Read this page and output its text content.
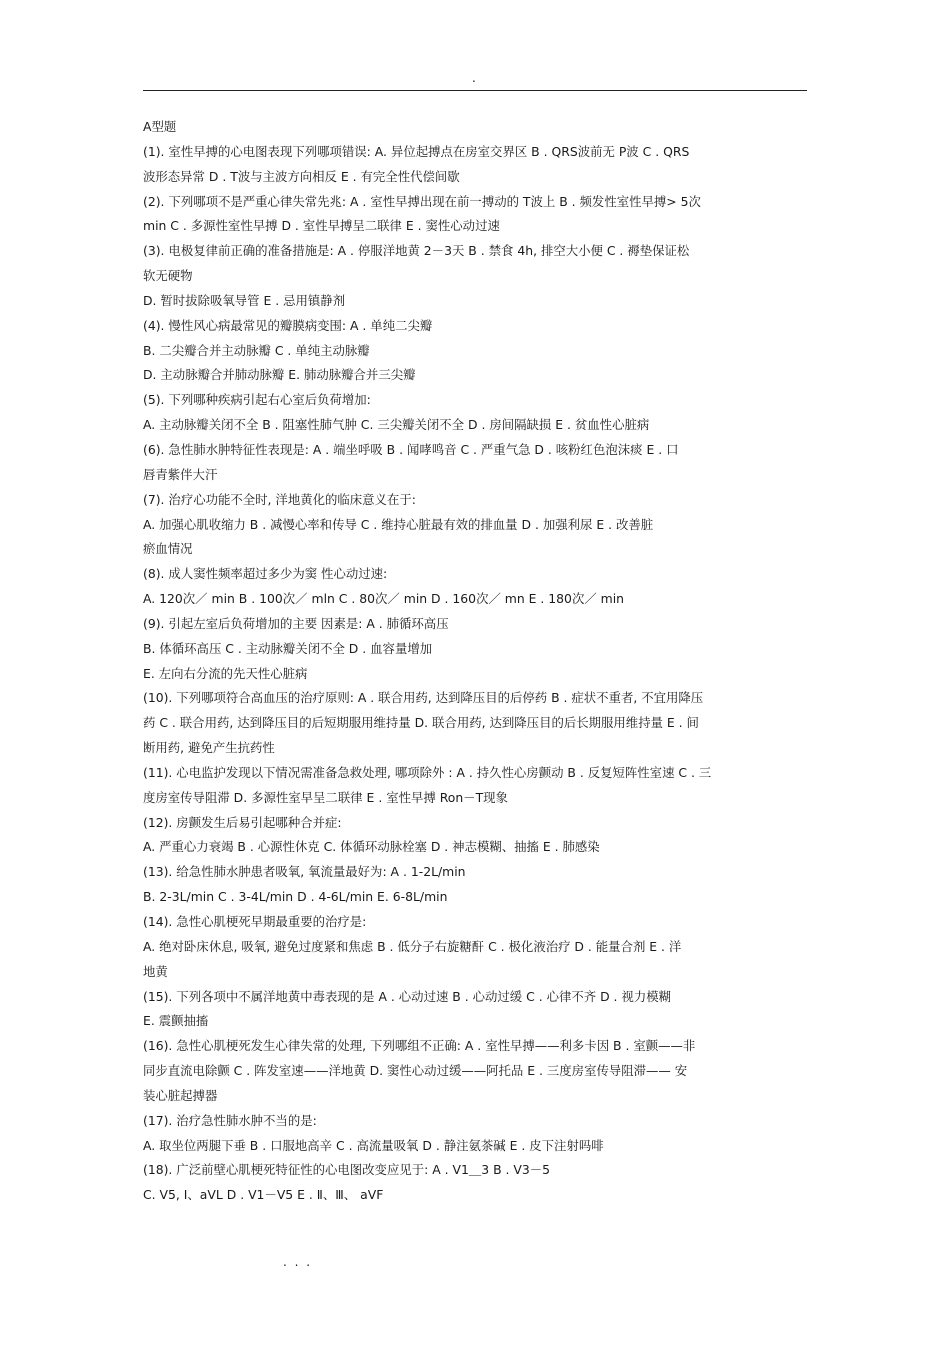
.
A型题
(1). 室性早搏的心电图表现下列哪项错误: A. 异位起搏点在房室交界区 B . QRS波前无 P波 C . QRS
波形态异常 D . T波与主波方向相反 E . 有完全性代偿间歇
(2). 下列哪项不是严重心律失常先兆: A . 室性早搏出现在前一搏动的 T波上 B . 频发性室性早搏> 5次
min C . 多源性室性早搏 D . 室性早搏呈二联律 E . 窦性心动过速
(3). 电极复律前正确的准备措施是: A . 停服洋地黄 2－3天 B . 禁食 4h, 排空大小便 C . 褥垫保证松
软无硬物
D. 暂时拔除吸氧导管 E . 忌用镇静剂
(4). 慢性风心病最常见的瓣膜病变围: A . 单纯二尖瓣
B. 二尖瓣合并主动脉瓣 C . 单纯主动脉瓣
D. 主动脉瓣合并肺动脉瓣 E. 肺动脉瓣合并三尖瓣
(5). 下列哪种疾病引起右心室后负荷增加:
A. 主动脉瓣关闭不全 B . 阻塞性肺气肿 C. 三尖瓣关闭不全 D . 房间隔缺损 E . 贫血性心脏病
(6). 急性肺水肿特征性表现是: A . 端坐呼吸 B . 闻哮鸣音 C . 严重气急 D . 咳粉红色泡沫痰 E . 口
唇青紫伴大汗
(7). 治疗心功能不全时, 洋地黄化的临床意义在于:
A. 加强心肌收缩力 B . 减慢心率和传导 C . 维持心脏最有效的排血量 D . 加强利尿 E . 改善脏
瘀血情况
(8). 成人窦性频率超过多少为窦 性心动过速:
A. 120次／ min B . 100次／ mln C . 80次／ min D . 160次／ mn E . 180次／ min
(9). 引起左室后负荷增加的主要 因素是: A . 肺循环高压
B. 体循环高压 C . 主动脉瓣关闭不全 D . 血容量增加
E. 左向右分流的先天性心脏病
(10). 下列哪项符合高血压的治疗原则: A . 联合用药, 达到降压目的后停药 B . 症状不重者, 不宜用降压
药 C . 联合用药, 达到降压目的后短期服用维持量 D. 联合用药, 达到降压目的后长期服用维持量 E . 间
断用药, 避免产生抗药性
(11). 心电监护发现以下情况需准备急救处理, 哪项除外 : A . 持久性心房颤动 B . 反复短阵性室速 C . 三
度房室传导阻滞 D. 多源性室早呈二联律 E . 室性早搏 Ron－T现象
(12). 房颤发生后易引起哪种合并症:
A. 严重心力衰竭 B . 心源性休克 C. 体循环动脉栓塞 D . 神志模糊、抽搐 E . 肺感染
(13). 给急性肺水肿患者吸氧, 氧流量最好为: A . 1-2L/min
B. 2-3L/min C . 3-4L/min D . 4-6L/min E. 6-8L/min
(14). 急性心肌梗死早期最重要的治疗是:
A. 绝对卧床休息, 吸氧, 避免过度紧和焦虑 B . 低分子右旋糖酐 C . 极化液治疗 D . 能量合剂 E . 洋
地黄
(15). 下列各项中不属洋地黄中毒表现的是 A . 心动过速 B . 心动过缓 C . 心律不齐 D . 视力模糊
E. 震颤抽搐
(16). 急性心肌梗死发生心律失常的处理, 下列哪组不正确: A . 室性早搏——利多卡因 B . 室颤——非
同步直流电除颤 C . 阵发室速——洋地黄 D. 窦性心动过缓——阿托品 E . 三度房室传导阻滞—— 安
装心脏起搏器
(17). 治疗急性肺水肿不当的是:
A. 取坐位两腿下垂 B . 口服地高辛 C . 高流量吸氧 D . 静注氨茶碱 E . 皮下注射吗啡
(18). 广泛前壁心肌梗死特征性的心电图改变应见于: A . V1＿3 B . V3－5
C. V5, Ⅰ、aVL D . V1－V5 E . Ⅱ、Ⅲ、 aVF
. . .
